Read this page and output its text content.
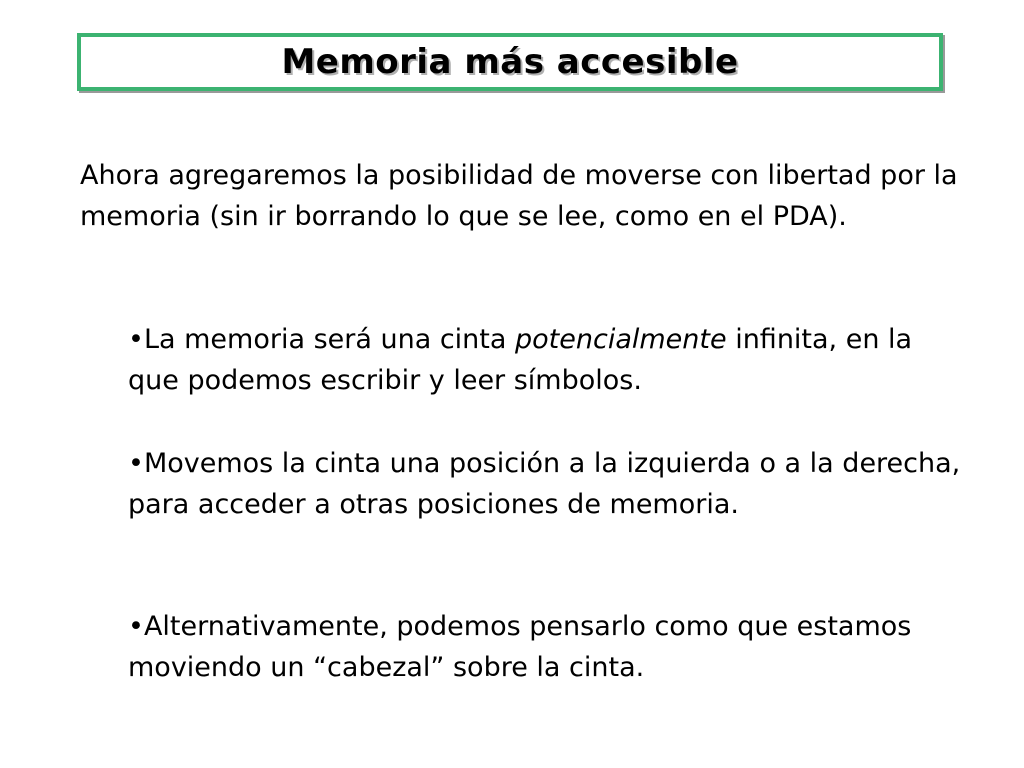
Memoria más accesible

Ahora agregaremos la posibilidad de moverse con libertad por la memoria (sin ir borrando lo que se lee, como en el PDA).

•La memoria será una cinta potencialmente infinita, en la que podemos escribir y leer símbolos.

•Movemos la cinta una posición a la izquierda o a la derecha, para acceder a otras posiciones de memoria.

•Alternativamente, podemos pensarlo como que estamos moviendo un “cabezal” sobre la cinta.
